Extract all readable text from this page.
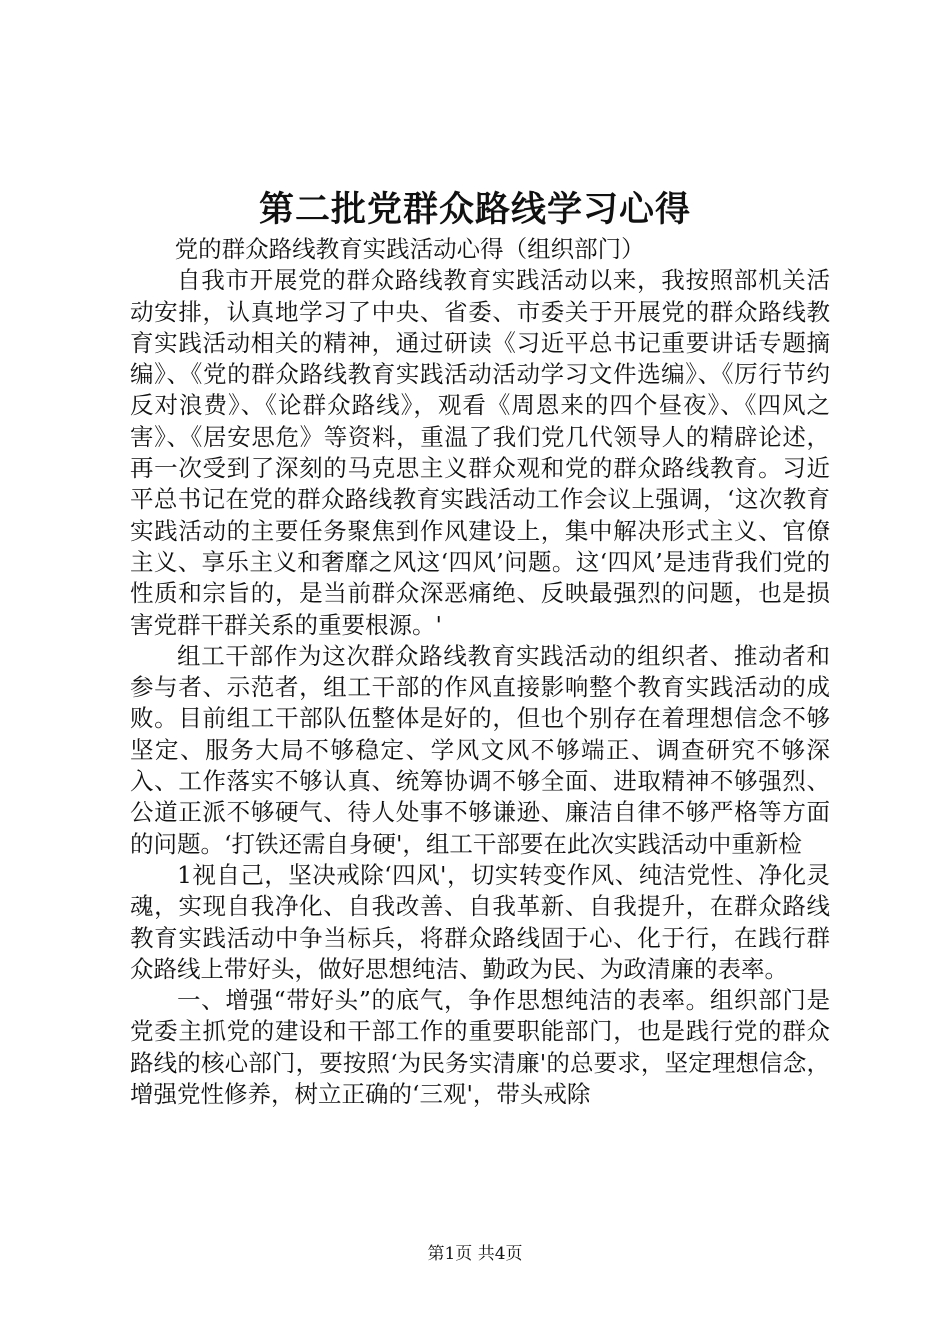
第二批党群众路线学习心得

党的群众路线教育实践活动心得（组织部门）

自我市开展党的群众路线教育实践活动以来，我按照部机关活动安排，认真地学习了中央、省委、市委关于开展党的群众路线教育实践活动相关的精神，通过研读《习近平总书记重要讲话专题摘编》、《党的群众路线教育实践活动活动学习文件选编》、《厉行节约反对浪费》、《论群众路线》，观看《周恩来的四个昼夜》、《四风之害》、《居安思危》等资料，重温了我们党几代领导人的精辟论述，再一次受到了深刻的马克思主义群众观和党的群众路线教育。习近平总书记在党的群众路线教育实践活动工作会议上强调，‘这次教育实践活动的主要任务聚焦到作风建设上，集中解决形式主义、官僚主义、享乐主义和奢靡之风这‘四风’问题。这‘四风’是违背我们党的性质和宗旨的，是当前群众深恶痛绝、反映最强烈的问题，也是损害党群干群关系的重要根源。'

组工干部作为这次群众路线教育实践活动的组织者、推动者和参与者、示范者，组工干部的作风直接影响整个教育实践活动的成败。目前组工干部队伍整体是好的，但也个别存在着理想信念不够坚定、服务大局不够稳定、学风文风不够端正、调查研究不够深入、工作落实不够认真、统筹协调不够全面、进取精神不够强烈、公道正派不够硬气、待人处事不够谦逊、廉洁自律不够严格等方面的问题。‘打铁还需自身硬'，组工干部要在此次实践活动中重新检

1视自己，坚决戒除‘四风'，切实转变作风、纯洁党性、净化灵魂，实现自我净化、自我改善、自我革新、自我提升，在群众路线教育实践活动中争当标兵，将群众路线固于心、化于行，在践行群众路线上带好头，做好思想纯洁、勤政为民、为政清廉的表率。

一、增强“带好头”的底气，争作思想纯洁的表率。组织部门是党委主抓党的建设和干部工作的重要职能部门，也是践行党的群众路线的核心部门，要按照‘为民务实清廉'的总要求，坚定理想信念，增强党性修养，树立正确的‘三观'，带头戒除

第1页 共4页
